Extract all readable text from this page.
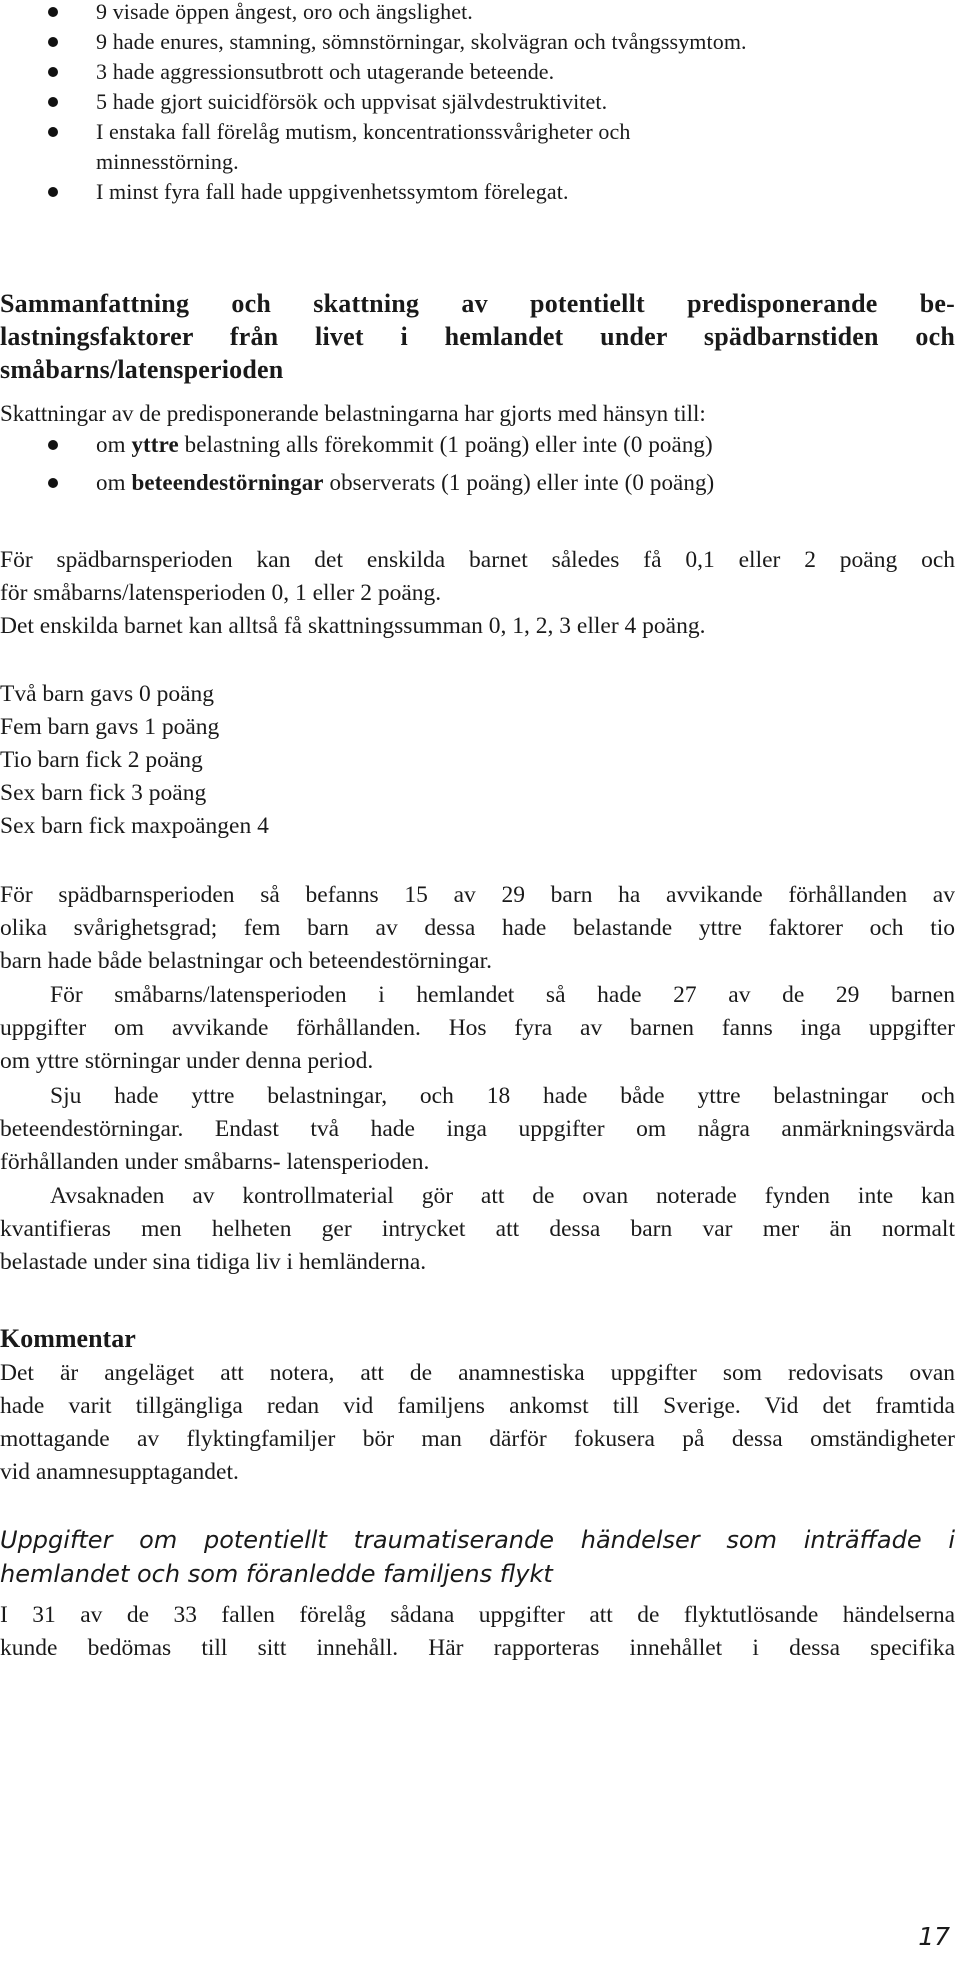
9 visade öppen ångest, oro och ängslighet.
9 hade enures, stamning, sömnstörningar, skolvägran och tvångssymtom.
3 hade aggressionsutbrott och utagerande beteende.
5 hade gjort suicidförsök och uppvisat självdestruktivitet.
I enstaka fall förelåg mutism, koncentrationssvårigheter och
minnesstörning.
I minst fyra fall hade uppgivenhetssymtom förelegat.
Sammanfattning och skattning av potentiellt predisponerande be-
lastningsfaktorer från livet i hemlandet under spädbarnstiden och
småbarns/latensperioden
Skattningar av de predisponerande belastningarna har gjorts med hänsyn till:
om yttre belastning alls förekommit (1 poäng) eller inte (0 poäng)
om beteendestörningar observerats (1 poäng) eller inte (0 poäng)
För spädbarnsperioden kan det enskilda barnet således få 0,1 eller 2 poäng och
för småbarns/latensperioden 0, 1 eller 2 poäng.
Det enskilda barnet kan alltså få skattningssumman 0, 1, 2, 3 eller 4 poäng.
Två barn gavs 0 poäng
Fem barn gavs 1 poäng
Tio barn fick 2 poäng
Sex barn fick 3 poäng
Sex barn fick maxpoängen 4
För spädbarnsperioden så befanns 15 av 29 barn ha avvikande förhållanden av
olika svårighetsgrad; fem barn av dessa hade belastande yttre faktorer och tio
barn hade både belastningar och beteendestörningar.
För småbarns/latensperioden i hemlandet så hade 27 av de 29 barnen
uppgifter om avvikande förhållanden. Hos fyra av barnen fanns inga uppgifter
om yttre störningar under denna period.
Sju hade yttre belastningar, och 18 hade både yttre belastningar och
beteendestörningar. Endast två hade inga uppgifter om några anmärkningsvärda
förhållanden under småbarns- latensperioden.
Avsaknaden av kontrollmaterial gör att de ovan noterade fynden inte kan
kvantifieras men helheten ger intrycket att dessa barn var mer än normalt
belastade under sina tidiga liv i hemländerna.
Kommentar
Det är angeläget att notera, att de anamnestiska uppgifter som redovisats ovan
hade varit tillgängliga redan vid familjens ankomst till Sverige. Vid det framtida
mottagande av flyktingfamiljer bör man därför fokusera på dessa omständigheter
vid anamnesupptagandet.
Uppgifter om potentiellt traumatiserande händelser som inträffade i
hemlandet och som föranledde familjens flykt
I 31 av de 33 fallen förelåg sådana uppgifter att de flyktutlösande händelserna
kunde bedömas till sitt innehåll. Här rapporteras innehållet i dessa specifika
17
